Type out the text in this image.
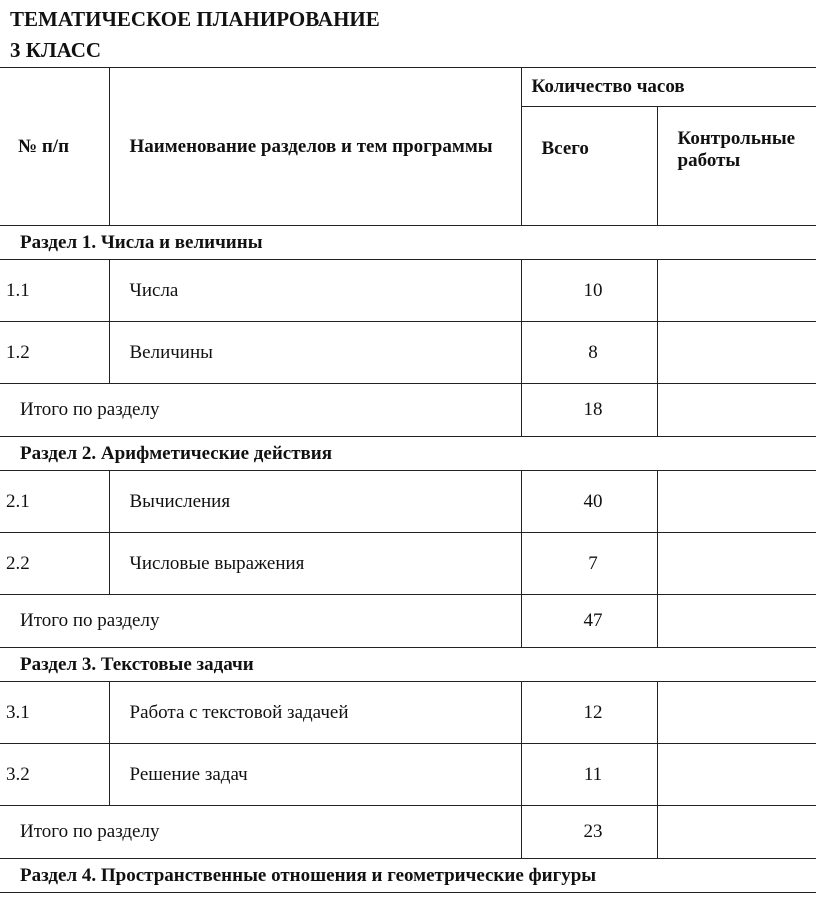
ТЕМАТИЧЕСКОЕ ПЛАНИРОВАНИЕ
3 КЛАСС
№ п/п	Наименование разделов и тем программы	Количество часов	
		Всего	Контрольные работы
Раздел 1. Числа и величины			
1.1	Числа	10	
1.2	Величины	8	
Итого по разделу		18	
Раздел 2. Арифметические действия			
2.1	Вычисления	40	
2.2	Числовые выражения	7	
Итого по разделу		47	
Раздел 3. Текстовые задачи			
3.1	Работа с текстовой задачей	12	
3.2	Решение задач	11	
Итого по разделу		23	
Раздел 4. Пространственные отношения и геометрические фигуры			
